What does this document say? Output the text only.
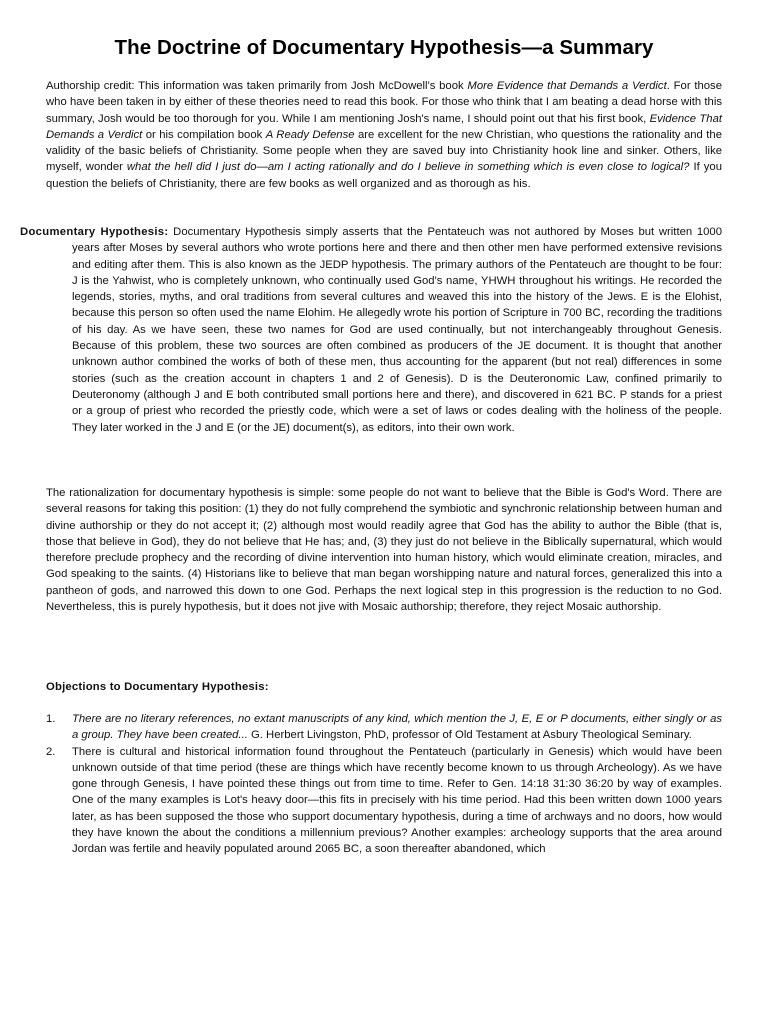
The Doctrine of Documentary Hypothesis—a Summary

Authorship credit: This information was taken primarily from Josh McDowell's book More Evidence that Demands a Verdict. For those who have been taken in by either of these theories need to read this book. For those who think that I am beating a dead horse with this summary, Josh would be too thorough for you. While I am mentioning Josh's name, I should point out that his first book, Evidence That Demands a Verdict or his compilation book A Ready Defense are excellent for the new Christian, who questions the rationality and the validity of the basic beliefs of Christianity. Some people when they are saved buy into Christianity hook line and sinker. Others, like myself, wonder what the hell did I just do—am I acting rationally and do I believe in something which is even close to logical? If you question the beliefs of Christianity, there are few books as well organized and as thorough as his.

Documentary Hypothesis: Documentary Hypothesis simply asserts that the Pentateuch was not authored by Moses but written 1000 years after Moses by several authors who wrote portions here and there and then other men have performed extensive revisions and editing after them. This is also known as the JEDP hypothesis. The primary authors of the Pentateuch are thought to be four: J is the Yahwist, who is completely unknown, who continually used God's name, YHWH throughout his writings. He recorded the legends, stories, myths, and oral traditions from several cultures and weaved this into the history of the Jews. E is the Elohist, because this person so often used the name Elohim. He allegedly wrote his portion of Scripture in 700 BC, recording the traditions of his day. As we have seen, these two names for God are used continually, but not interchangeably throughout Genesis. Because of this problem, these two sources are often combined as producers of the JE document. It is thought that another unknown author combined the works of both of these men, thus accounting for the apparent (but not real) differences in some stories (such as the creation account in chapters 1 and 2 of Genesis). D is the Deuteronomic Law, confined primarily to Deuteronomy (although J and E both contributed small portions here and there), and discovered in 621 BC. P stands for a priest or a group of priest who recorded the priestly code, which were a set of laws or codes dealing with the holiness of the people. They later worked in the J and E (or the JE) document(s), as editors, into their own work.

The rationalization for documentary hypothesis is simple: some people do not want to believe that the Bible is God's Word. There are several reasons for taking this position: (1) they do not fully comprehend the symbiotic and synchronic relationship between human and divine authorship or they do not accept it; (2) although most would readily agree that God has the ability to author the Bible (that is, those that believe in God), they do not believe that He has; and, (3) they just do not believe in the Biblically supernatural, which would therefore preclude prophecy and the recording of divine intervention into human history, which would eliminate creation, miracles, and God speaking to the saints. (4) Historians like to believe that man began worshipping nature and natural forces, generalized this into a pantheon of gods, and narrowed this down to one God. Perhaps the next logical step in this progression is the reduction to no God. Nevertheless, this is purely hypothesis, but it does not jive with Mosaic authorship; therefore, they reject Mosaic authorship.

Objections to Documentary Hypothesis:

1. There are no literary references, no extant manuscripts of any kind, which mention the J, E, E or P documents, either singly or as a group. They have been created... G. Herbert Livingston, PhD, professor of Old Testament at Asbury Theological Seminary.
2. There is cultural and historical information found throughout the Pentateuch (particularly in Genesis) which would have been unknown outside of that time period (these are things which have recently become known to us through Archeology). As we have gone through Genesis, I have pointed these things out from time to time. Refer to Gen. 14:18 31:30 36:20 by way of examples. One of the many examples is Lot's heavy door—this fits in precisely with his time period. Had this been written down 1000 years later, as has been supposed the those who support documentary hypothesis, during a time of archways and no doors, how would they have known the about the conditions a millennium previous? Another examples: archeology supports that the area around Jordan was fertile and heavily populated around 2065 BC, a soon thereafter abandoned, which
